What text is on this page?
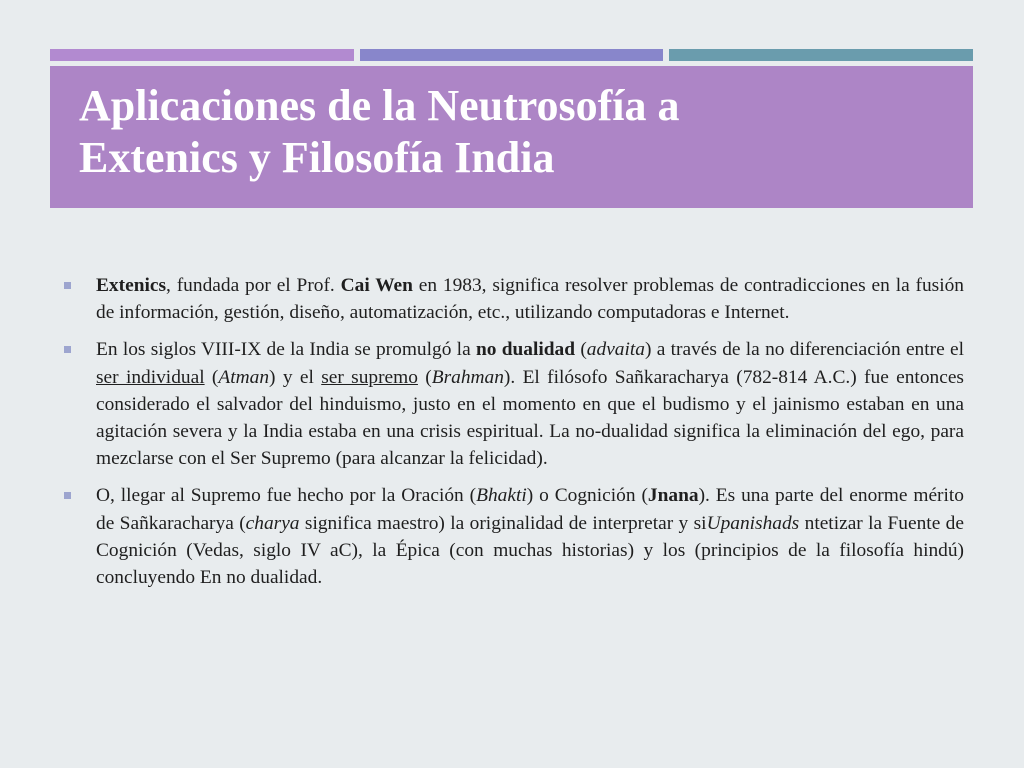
Aplicaciones de la Neutrosofía a
Extenics y Filosofía India
Extenics, fundada por el Prof. Cai Wen en 1983, significa resolver problemas de contradicciones en la fusión de información, gestión, diseño, automatización, etc., utilizando computadoras e Internet.
En los siglos VIII-IX de la India se promulgó la no dualidad (advaita) a través de la no diferenciación entre el ser individual (Atman) y el ser supremo (Brahman). El filósofo Sañkaracharya (782-814 A.C.) fue entonces considerado el salvador del hinduismo, justo en el momento en que el budismo y el jainismo estaban en una agitación severa y la India estaba en una crisis espiritual. La no-dualidad significa la eliminación del ego, para mezclarse con el Ser Supremo (para alcanzar la felicidad).
O, llegar al Supremo fue hecho por la Oración (Bhakti) o Cognición (Jnana). Es una parte del enorme mérito de Sañkaracharya (charya significa maestro) la originalidad de interpretar y siUpanishads ntetizar la Fuente de Cognición (Vedas, siglo IV aC), la Épica (con muchas historias) y los (principios de la filosofía hindú) concluyendo En no dualidad.
